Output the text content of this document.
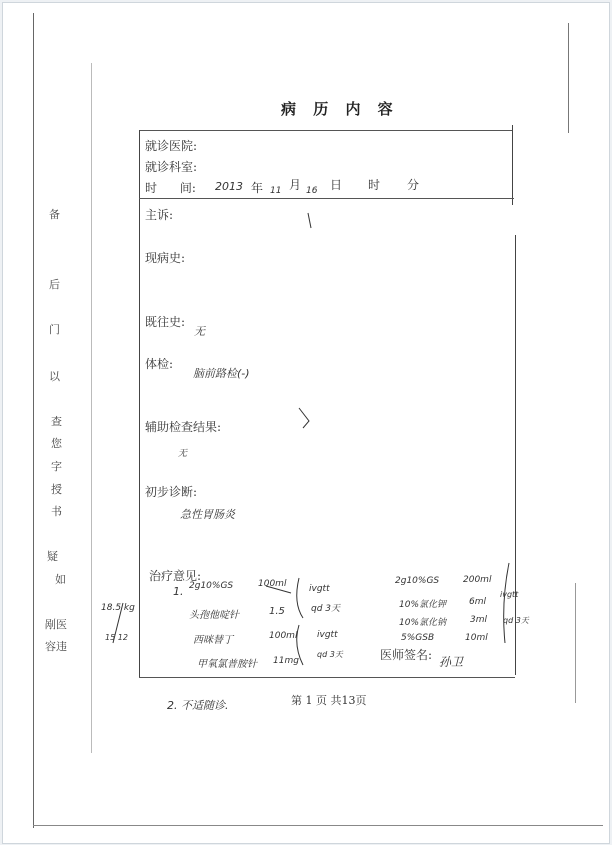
备
后
门
以
查
您
字
授
书
疑
如
剐医
容违
病 历 内 容
就诊医院:
就诊科室:
时      间: 2013 年 11 月 16 日 时 分
主诉:
现病史:
既往史:
无
体检:
脑前路检(-)
辅助检查结果:
无
初步诊断:
急性胃肠炎
治疗意见:
1. 2g10%GS	100ml	ivgtt
头孢他啶针	1.5	qd 3天
西咪替丁	100ml ivgtt
甲氧氯普胺针 11mg
qd 3天
2g10%GS	200ml
ivgtt
10%氯化钾	6ml
10%氯化钠	3ml qd 3天
5%GSB	10ml
医师签名: 孙卫
18.5 kg
15 12
2. 不适随诊.	第 1 页 共13页
